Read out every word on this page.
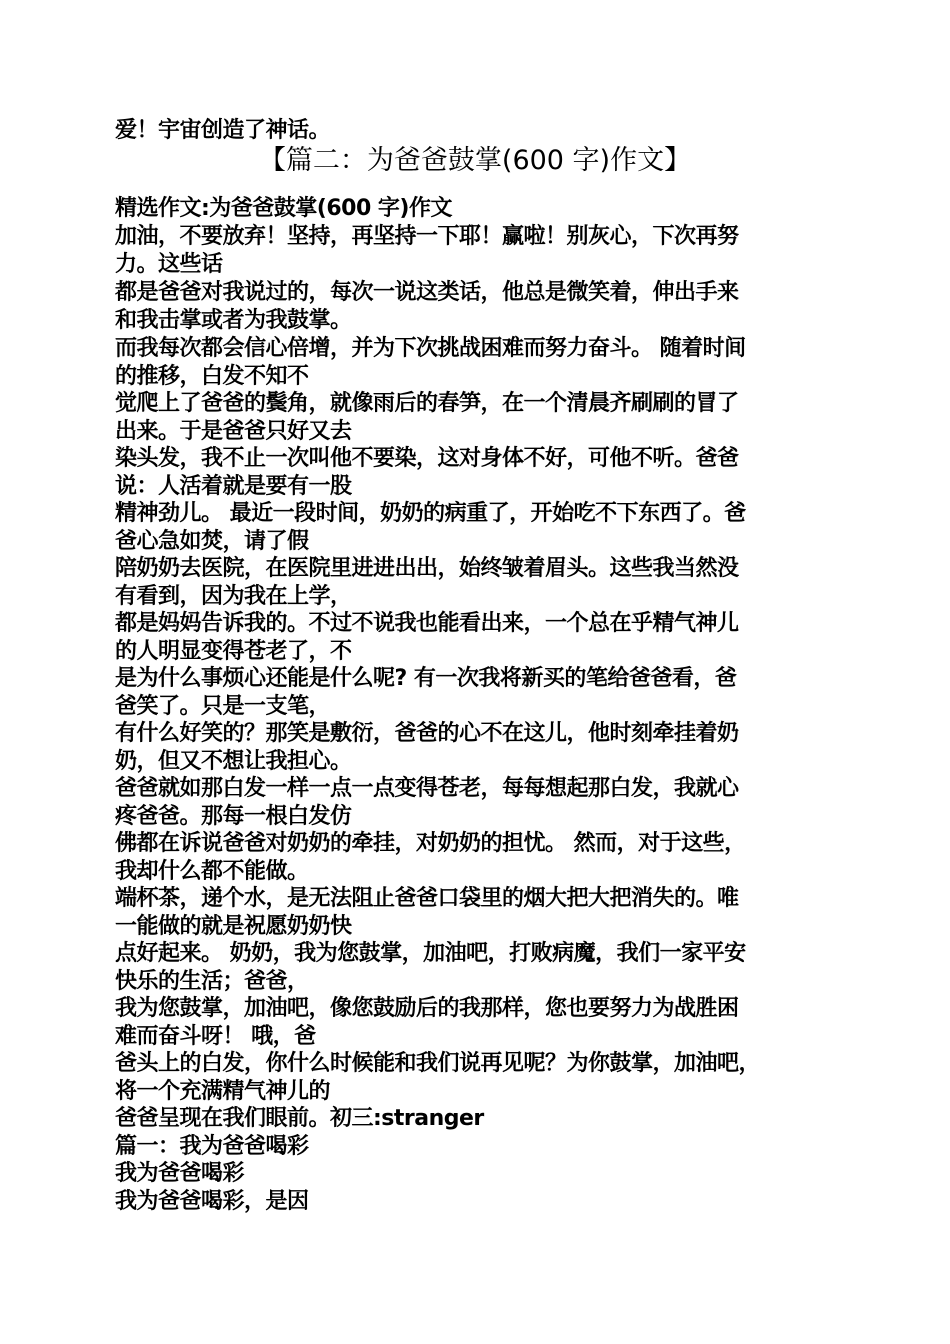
爱！宇宙创造了神话。
【篇二：为爸爸鼓掌(600 字)作文】
精选作文:为爸爸鼓掌(600 字)作文
加油，不要放弃！坚持，再坚持一下耶！赢啦！别灰心，下次再努
力。这些话
都是爸爸对我说过的，每次一说这类话，他总是微笑着，伸出手来
和我击掌或者为我鼓掌。
而我每次都会信心倍增，并为下次挑战困难而努力奋斗。 随着时间
的推移，白发不知不
觉爬上了爸爸的鬓角，就像雨后的春笋，在一个清晨齐刷刷的冒了
出来。于是爸爸只好又去
染头发，我不止一次叫他不要染，这对身体不好，可他不听。爸爸
说：人活着就是要有一股
精神劲儿。 最近一段时间，奶奶的病重了，开始吃不下东西了。爸
爸心急如焚，请了假
陪奶奶去医院，在医院里进进出出，始终皱着眉头。这些我当然没
有看到，因为我在上学，
都是妈妈告诉我的。不过不说我也能看出来，一个总在乎精气神儿
的人明显变得苍老了，不
是为什么事烦心还能是什么呢? 有一次我将新买的笔给爸爸看，爸
爸笑了。只是一支笔，
有什么好笑的？那笑是敷衍，爸爸的心不在这儿，他时刻牵挂着奶
奶，但又不想让我担心。
爸爸就如那白发一样一点一点变得苍老，每每想起那白发，我就心
疼爸爸。那每一根白发仿
佛都在诉说爸爸对奶奶的牵挂，对奶奶的担忧。 然而，对于这些，
我却什么都不能做。
端杯茶，递个水，是无法阻止爸爸口袋里的烟大把大把消失的。唯
一能做的就是祝愿奶奶快
点好起来。 奶奶，我为您鼓掌，加油吧，打败病魔，我们一家平安
快乐的生活；爸爸，
我为您鼓掌，加油吧，像您鼓励后的我那样，您也要努力为战胜困
难而奋斗呀！ 哦，爸
爸头上的白发，你什么时候能和我们说再见呢？为你鼓掌，加油吧，
将一个充满精气神儿的
爸爸呈现在我们眼前。初三:stranger
篇一：我为爸爸喝彩
我为爸爸喝彩
我为爸爸喝彩，是因
